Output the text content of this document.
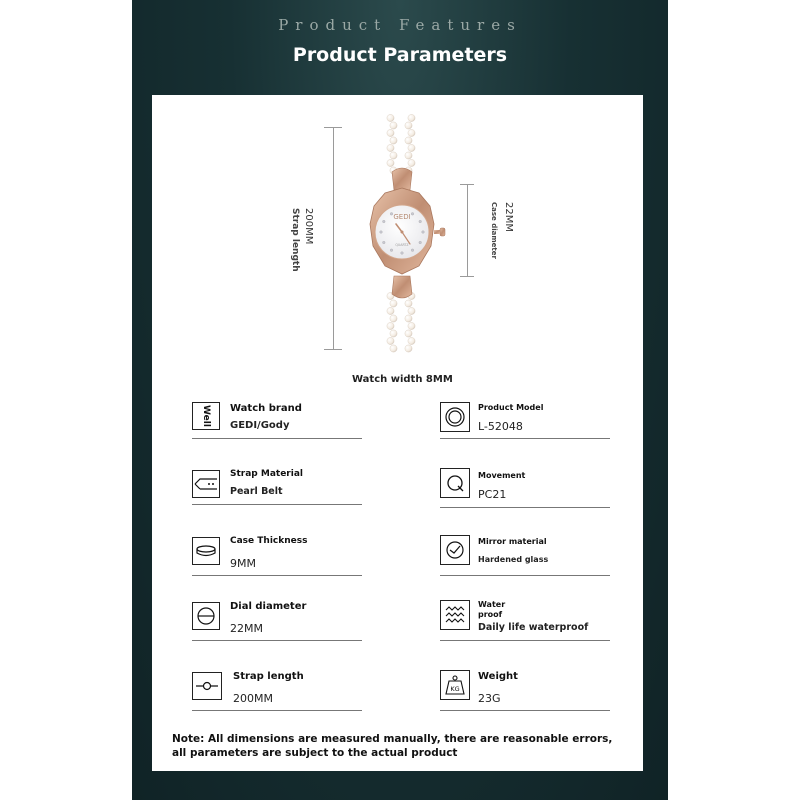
Product Features
Product Parameters
200MM
Strap length	22MM
Case diameter
GEDI
QUARTZ
Watch width 8MM
Well Watch brand
GEDI/Gody
Strap Material
Pearl Belt
Case Thickness
9MM
Dial diameter
22MM
Strap length
200MM
Product Model
L-52048
Movement
PC21
Mirror material
Hardened glass
Water
proof
Daily life waterproof
KG
Weight
23G
Note: All dimensions are measured manually, there are reasonable errors, all parameters are subject to the actual product
